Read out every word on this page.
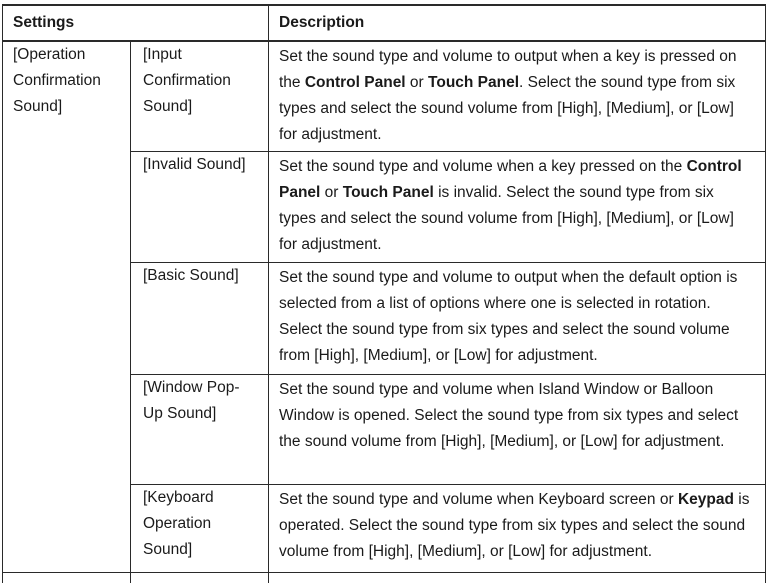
Settings		Description
[Operation Confirmation Sound]	[Input Confirmation Sound]	Set the sound type and volume to output when a key is pressed on the Control Panel or Touch Panel. Select the sound type from six types and select the sound volume from [High], [Medium], or [Low] for adjustment.
	[Invalid Sound]	Set the sound type and volume when a key pressed on the Control Panel or Touch Panel is invalid. Select the sound type from six types and select the sound volume from [High], [Medium], or [Low] for adjustment.
	[Basic Sound]	Set the sound type and volume to output when the default option is selected from a list of options where one is selected in rotation. Select the sound type from six types and select the sound volume from [High], [Medium], or [Low] for adjustment.
	[Window Pop-Up Sound]	Set the sound type and volume when Island Window or Balloon Window is opened. Select the sound type from six types and select the sound volume from [High], [Medium], or [Low] for adjustment.
	[Keyboard Operation Sound]	Set the sound type and volume when Keyboard screen or Keypad is operated. Select the sound type from six types and select the sound volume from [High], [Medium], or [Low] for adjustment.
